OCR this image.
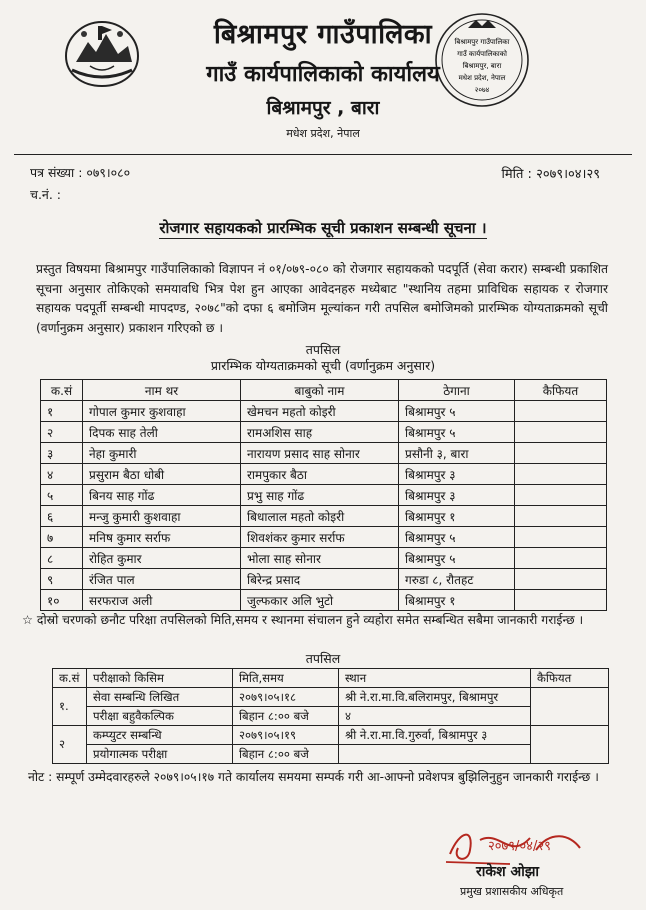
बिश्रामपुर गाउँपालिका
गाउँ कार्यपालिकाको
बिश्रामपुर, बारा
मधेश प्रदेश, नेपाल
२०७४
बिश्रामपुर गाउँपालिका
गाउँ कार्यपालिकाको कार्यालय
बिश्रामपुर , बारा
मधेश प्रदेश, नेपाल
पत्र संख्या : ०७९।०८०
च.नं. :
मिति : २०७९।०४।२९
रोजगार सहायकको प्रारम्भिक सूची प्रकाशन सम्बन्धी सूचना ।
प्रस्तुत विषयमा बिश्रामपुर गाउँपालिकाको विज्ञापन नं ०१/०७९-०८० को रोजगार सहायकको पदपूर्ति (सेवा करार) सम्बन्धी प्रकाशित सूचना अनुसार तोकिएको समयावधि भित्र पेश हुन आएका आवेदनहरु मध्येबाट "स्थानिय तहमा प्राविधिक सहायक र रोजगार सहायक पदपूर्ती सम्बन्धी मापदण्ड, २०७८"को दफा ६ बमोजिम मूल्यांकन गरी तपसिल बमोजिमको प्रारम्भिक योग्यताक्रमको सूची (वर्णानुक्रम अनुसार) प्रकाशन गरिएको छ ।
तपसिल
प्रारम्भिक योग्यताक्रमको सूची (वर्णानुक्रम अनुसार)
क.सं	नाम थर	बाबुको नाम	ठेगाना	कैफियत
१	गोपाल कुमार कुशवाहा	खेमचन महतो कोइरी	बिश्रामपुर ५	
२	दिपक साह तेली	रामअशिस साह	बिश्रामपुर ५	
३	नेहा कुमारी	नारायण प्रसाद साह सोनार	प्रसौनी ३, बारा	
४	प्रसुराम बैठा धोबी	रामपुकार बैठा	बिश्रामपुर ३	
५	बिनय साह गोंढ	प्रभु साह गोंढ	बिश्रामपुर ३	
६	मन्जु कुमारी कुशवाहा	बिधालाल महतो कोइरी	बिश्रामपुर १	
७	मनिष कुमार सर्राफ	शिवशंकर कुमार सर्राफ	बिश्रामपुर ५	
८	रोहित कुमार	भोला साह सोनार	बिश्रामपुर ५	
९	रंजित पाल	बिरेन्द्र प्रसाद	गरुडा ८, रौतहट	
१०	सरफराज अली	जुल्फकार अलि भुटो	बिश्रामपुर १	
☆ दोस्रो चरणको छनौट परिक्षा तपसिलको मिति,समय र स्थानमा संचालन हुने व्यहोरा समेत सम्बन्धित सबैमा जानकारी गराईन्छ ।
तपसिल
क.सं	परीक्षाको किसिम	मिति,समय	स्थान	कैफियत
१.	सेवा सम्बन्धि लिखित	२०७९।०५।१८	श्री ने.रा.मा.वि.बलिरामपुर, बिश्रामपुर	
	परीक्षा बहुवैकल्पिक	बिहान ८:०० बजे	४	
२	कम्प्युटर सम्बन्धि	२०७९।०५।१९	श्री ने.रा.मा.वि.गुरुर्वा, बिश्रामपुर ३	
	प्रयोगात्मक परीक्षा	बिहान ८:०० बजे		
नोट : सम्पूर्ण उम्मेदवारहरुले २०७९।०५।१७ गते कार्यालय समयमा सम्पर्क गरी आ-आफ्नो प्रवेशपत्र बुझिलिनुहुन जानकारी गराईन्छ ।
२०७९/०४/२९
राकेश ओझा
प्रमुख प्रशासकीय अधिकृत
